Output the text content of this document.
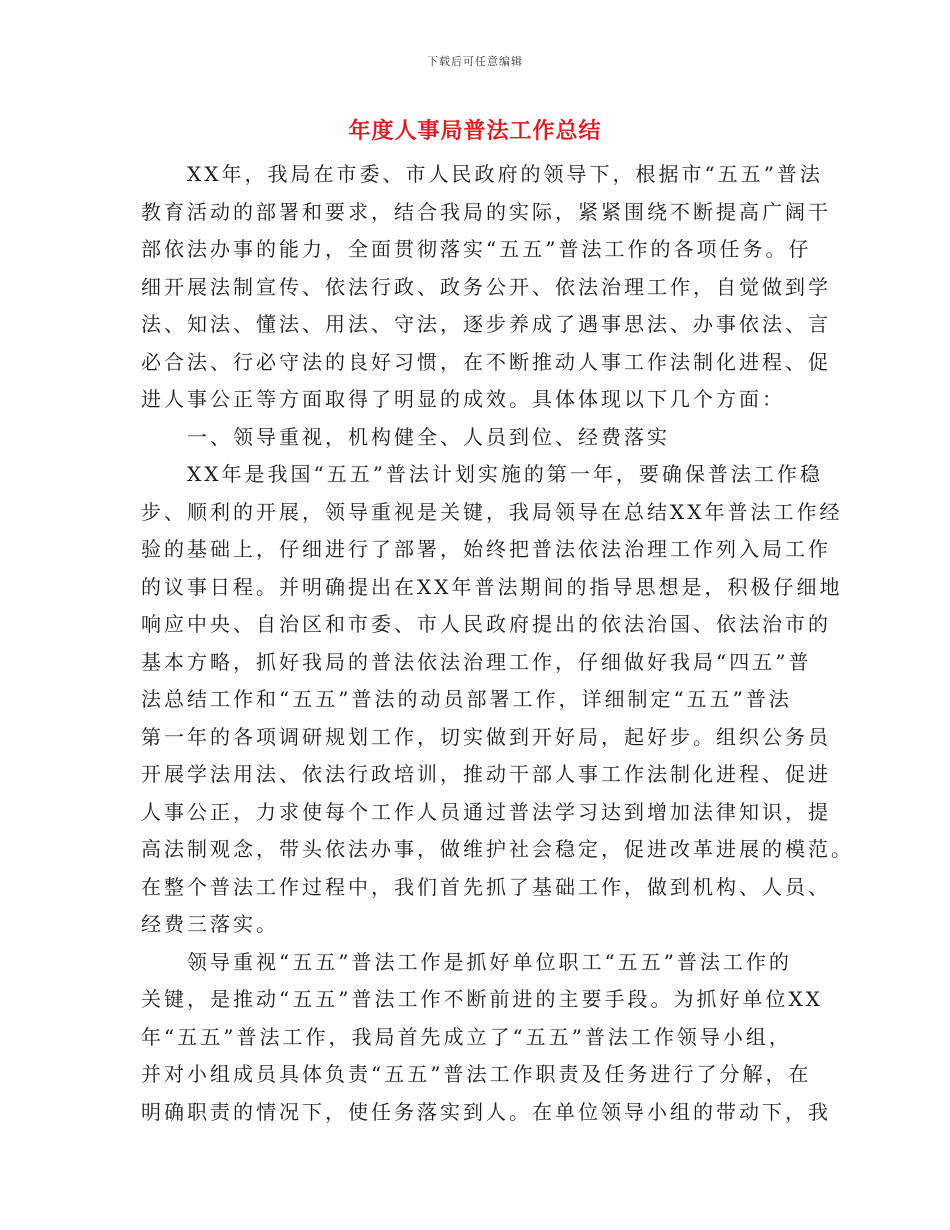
下载后可任意编辑
年度人事局普法工作总结
XX年，我局在市委、市人民政府的领导下，根据市“五五”普法
教育活动的部署和要求，结合我局的实际，紧紧围绕不断提高广阔干
部依法办事的能力，全面贯彻落实“五五”普法工作的各项任务。仔
细开展法制宣传、依法行政、政务公开、依法治理工作，自觉做到学
法、知法、懂法、用法、守法，逐步养成了遇事思法、办事依法、言
必合法、行必守法的良好习惯，在不断推动人事工作法制化进程、促
进人事公正等方面取得了明显的成效。具体体现以下几个方面：
一、领导重视，机构健全、人员到位、经费落实
XX年是我国“五五”普法计划实施的第一年，要确保普法工作稳
步、顺利的开展，领导重视是关键，我局领导在总结XX年普法工作经
验的基础上，仔细进行了部署，始终把普法依法治理工作列入局工作
的议事日程。并明确提出在XX年普法期间的指导思想是，积极仔细地
响应中央、自治区和市委、市人民政府提出的依法治国、依法治市的
基本方略，抓好我局的普法依法治理工作，仔细做好我局“四五”普
法总结工作和“五五”普法的动员部署工作，详细制定“五五”普法
第一年的各项调研规划工作，切实做到开好局，起好步。组织公务员
开展学法用法、依法行政培训，推动干部人事工作法制化进程、促进
人事公正，力求使每个工作人员通过普法学习达到增加法律知识，提
高法制观念，带头依法办事，做维护社会稳定，促进改革进展的模范。
在整个普法工作过程中，我们首先抓了基础工作，做到机构、人员、
经费三落实。
领导重视“五五”普法工作是抓好单位职工“五五”普法工作的
关键，是推动“五五”普法工作不断前进的主要手段。为抓好单位XX
年“五五”普法工作，我局首先成立了“五五”普法工作领导小组，
并对小组成员具体负责“五五”普法工作职责及任务进行了分解，在
明确职责的情况下，使任务落实到人。在单位领导小组的带动下，我
